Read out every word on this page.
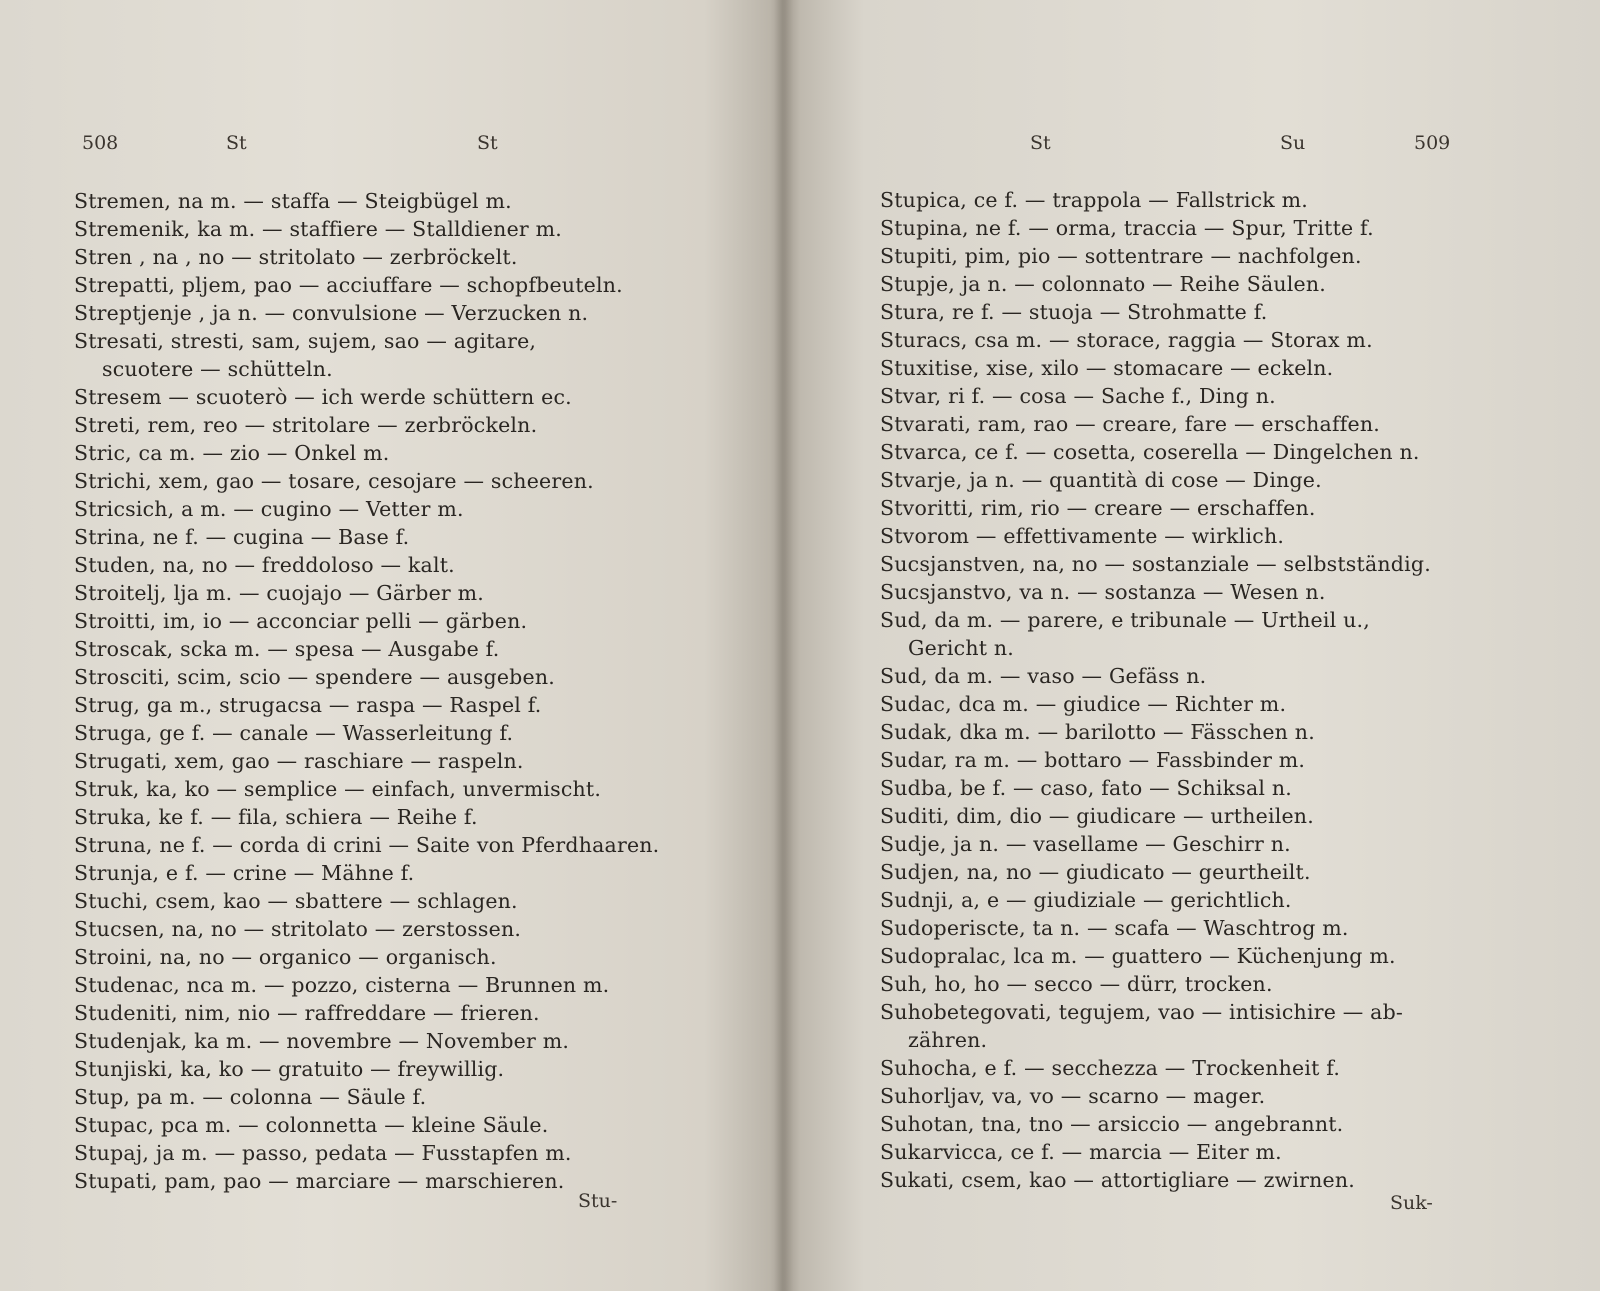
508	St	St
Stremen, na m. — staffa — Steigbügel m.
Stremenik, ka m. — staffiere — Stalldiener m.
Stren , na , no — stritolato — zerbröckelt.
Strepatti, pljem, pao — acciuffare — schopfbeuteln.
Streptjenje , ja n. — convulsione — Verzucken n.
Stresati, stresti, sam, sujem, sao — agitare,
scuotere — schütteln.
Stresem — scuoterò — ich werde schüttern ec.
Streti, rem, reo — stritolare — zerbröckeln.
Stric, ca m. — zio — Onkel m.
Strichi, xem, gao — tosare, cesojare — scheeren.
Stricsich, a m. — cugino — Vetter m.
Strina, ne f. — cugina — Base f.
Studen, na, no — freddoloso — kalt.
Stroitelj, lja m. — cuojajo — Gärber m.
Stroitti, im, io — acconciar pelli — gärben.
Stroscak, scka m. — spesa — Ausgabe f.
Strosciti, scim, scio — spendere — ausgeben.
Strug, ga m., strugacsa — raspa — Raspel f.
Struga, ge f. — canale — Wasserleitung f.
Strugati, xem, gao — raschiare — raspeln.
Struk, ka, ko — semplice — einfach, unvermischt.
Struka, ke f. — fila, schiera — Reihe f.
Struna, ne f. — corda di crini — Saite von Pferdhaaren.
Strunja, e f. — crine — Mähne f.
Stuchi, csem, kao — sbattere — schlagen.
Stucsen, na, no — stritolato — zerstossen.
Stroini, na, no — organico — organisch.
Studenac, nca m. — pozzo, cisterna — Brunnen m.
Studeniti, nim, nio — raffreddare — frieren.
Studenjak, ka m. — novembre — November m.
Stunjiski, ka, ko — gratuito — freywillig.
Stup, pa m. — colonna — Säule f.
Stupac, pca m. — colonnetta — kleine Säule.
Stupaj, ja m. — passo, pedata — Fusstapfen m.
Stupati, pam, pao — marciare — marschieren.
Stu-
St	Su	509
Stupica, ce f. — trappola — Fallstrick m.
Stupina, ne f. — orma, traccia — Spur, Tritte f.
Stupiti, pim, pio — sottentrare — nachfolgen.
Stupje, ja n. — colonnato — Reihe Säulen.
Stura, re f. — stuoja — Strohmatte f.
Sturacs, csa m. — storace, raggia — Storax m.
Stuxitise, xise, xilo — stomacare — eckeln.
Stvar, ri f. — cosa — Sache f., Ding n.
Stvarati, ram, rao — creare, fare — erschaffen.
Stvarca, ce f. — cosetta, coserella — Dingelchen n.
Stvarje, ja n. — quantità di cose — Dinge.
Stvoritti, rim, rio — creare — erschaffen.
Stvorom — effettivamente — wirklich.
Sucsjanstven, na, no — sostanziale — selbstständig.
Sucsjanstvo, va n. — sostanza — Wesen n.
Sud, da m. — parere, e tribunale — Urtheil u.,
Gericht n.
Sud, da m. — vaso — Gefäss n.
Sudac, dca m. — giudice — Richter m.
Sudak, dka m. — barilotto — Fässchen n.
Sudar, ra m. — bottaro — Fassbinder m.
Sudba, be f. — caso, fato — Schiksal n.
Suditi, dim, dio — giudicare — urtheilen.
Sudje, ja n. — vasellame — Geschirr n.
Sudjen, na, no — giudicato — geurtheilt.
Sudnji, a, e — giudiziale — gerichtlich.
Sudoperiscte, ta n. — scafa — Waschtrog m.
Sudopralac, lca m. — guattero — Küchenjung m.
Suh, ho, ho — secco — dürr, trocken.
Suhobetegovati, tegujem, vao — intisichire — ab-
zähren.
Suhocha, e f. — secchezza — Trockenheit f.
Suhorljav, va, vo — scarno — mager.
Suhotan, tna, tno — arsiccio — angebrannt.
Sukarvicca, ce f. — marcia — Eiter m.
Sukati, csem, kao — attortigliare — zwirnen.
Suk-
